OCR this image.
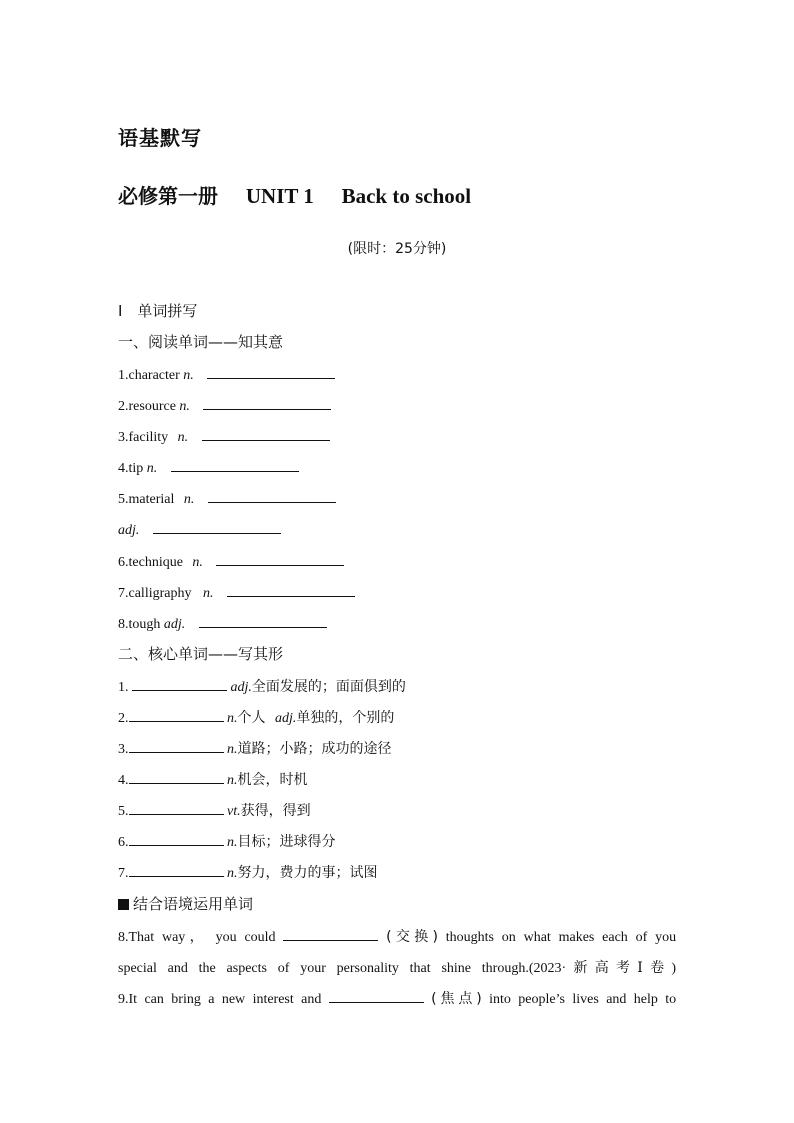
语基默写
必修第一册 UNIT 1 Back to school
(限时：25分钟)
Ⅰ　单词拼写
一、阅读单词——知其意
1.character n.
2.resource n.
3.facility n.
4.tip n.
5.material n.
adj.
6.technique n.
7.calligraphy n.
8.tough adj.
二、核心单词——写其形
1.	adj.全面发展的；面面俱到的
2.	n.个人 adj.单独的，个别的
3.	n.道路；小路；成功的途径
4.	n.机会，时机
5.	vt.获得，得到
6.	n.目标；进球得分
7.	n.努力，费力的事；试图
结合语境运用单词
8.That way， you could	(交换) thoughts on what makes each of you
special and the aspects of your personality that shine through.(2023·新高考Ⅰ卷)
9.It can bring a new interest and	(焦点) into people’s lives and help to
